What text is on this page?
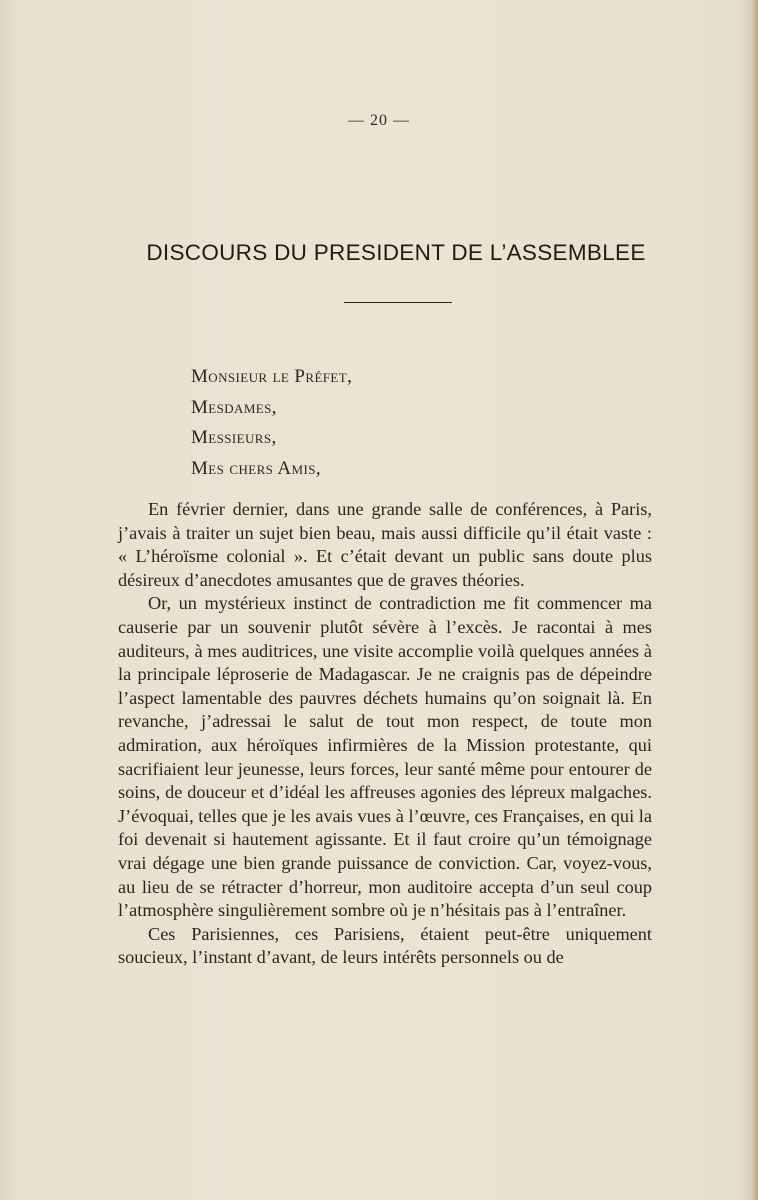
— 20 —
DISCOURS DU PRESIDENT DE L’ASSEMBLEE
Monsieur le Préfet,
Mesdames,
Messieurs,
Mes chers Amis,

En février dernier, dans une grande salle de conférences, à Paris, j’avais à traiter un sujet bien beau, mais aussi difficile qu’il était vaste : « L’héroïsme colonial ». Et c’était devant un public sans doute plus désireux d’anecdotes amusantes que de graves théories.

Or, un mystérieux instinct de contradiction me fit commencer ma causerie par un souvenir plutôt sévère à l’excès. Je racontai à mes auditeurs, à mes auditrices, une visite accomplie voilà quelques années à la principale léproserie de Madagascar. Je ne craignis pas de dépeindre l’aspect lamentable des pauvres déchets humains qu’on soignait là. En revanche, j’adressai le salut de tout mon respect, de toute mon admiration, aux héroïques infirmières de la Mission protestante, qui sacrifiaient leur jeunesse, leurs forces, leur santé même pour entourer de soins, de douceur et d’idéal les affreuses agonies des lépreux malgaches. J’évoquai, telles que je les avais vues à l’œuvre, ces Françaises, en qui la foi devenait si hautement agissante. Et il faut croire qu’un témoignage vrai dégage une bien grande puissance de conviction. Car, voyez-vous, au lieu de se rétracter d’horreur, mon auditoire accepta d’un seul coup l’atmosphère singulièrement sombre où je n’hésitais pas à l’entraîner.

Ces Parisiennes, ces Parisiens, étaient peut-être uniquement soucieux, l’instant d’avant, de leurs intérêts personnels ou de
